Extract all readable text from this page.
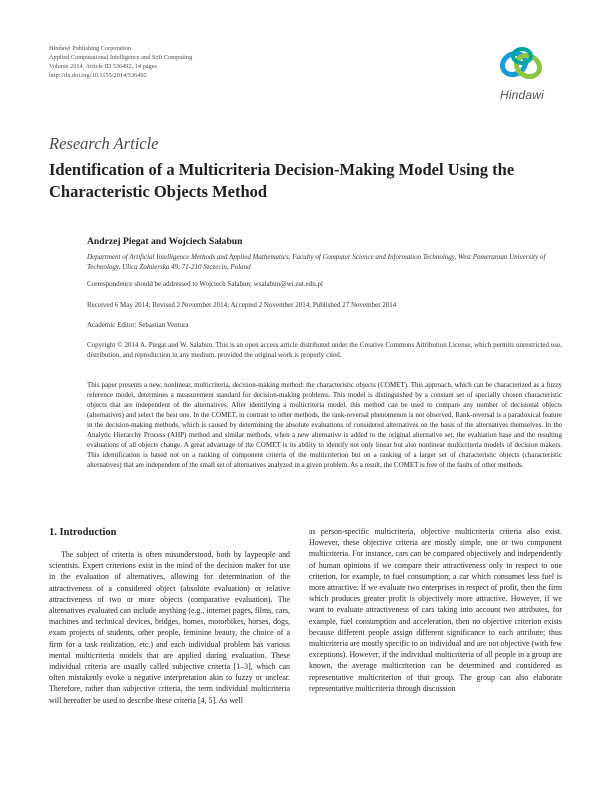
Hindawi Publishing Corporation
Applied Computational Intelligence and Soft Computing
Volume 2014, Article ID 536492, 14 pages
http://dx.doi.org/10.1155/2014/536492
Hindawi
Research Article
Identification of a Multicriteria Decision-Making Model Using the Characteristic Objects Method
Andrzej Piegat and Wojciech Sałabun
Department of Artificial Intelligence Methods and Applied Mathematics, Faculty of Computer Science and Information Technology, West Pomeranian University of Technology, Ulica Żołnierska 49, 71-210 Szczecin, Poland
Correspondence should be addressed to Wojciech Sałabun; wsalabun@wi.zut.edu.pl
Received 6 May 2014; Revised 2 November 2014; Accepted 2 November 2014; Published 27 November 2014
Academic Editor: Sebastian Ventura
Copyright © 2014 A. Piegat and W. Sałabun. This is an open access article distributed under the Creative Commons Attribution License, which permits unrestricted use, distribution, and reproduction in any medium, provided the original work is properly cited.
This paper presents a new, nonlinear, multicriteria, decision-making method: the characteristic objects (COMET). This approach, which can be characterized as a fuzzy reference model, determines a measurement standard for decision-making problems. This model is distinguished by a constant set of specially chosen characteristic objects that are independent of the alternatives. After identifying a multicriteria model, this method can be used to compare any number of decisional objects (alternatives) and select the best one. In the COMET, in contrast to other methods, the rank-reversal phenomenon is not observed. Rank-reversal is a paradoxical feature in the decision-making methods, which is caused by determining the absolute evaluations of considered alternatives on the basis of the alternatives themselves. In the Analytic Hierarchy Process (AHP) method and similar methods, when a new alternative is added to the original alternative set, the evaluation base and the resulting evaluations of all objects change. A great advantage of the COMET is its ability to identify not only linear but also nonlinear multicriteria models of decision makers. This identification is based not on a ranking of component criteria of the multicriterion but on a ranking of a larger set of characteristic objects (characteristic alternatives) that are independent of the small set of alternatives analyzed in a given problem. As a result, the COMET is free of the faults of other methods.
1. Introduction
The subject of criteria is often misunderstood, both by laypeople and scientists. Expert criterions exist in the mind of the decision maker for use in the evaluation of alternatives, allowing for determination of the attractiveness of a considered object (absolute evaluation) or relative attractiveness of two or more objects (comparative evaluation). The alternatives evaluated can include anything (e.g., internet pages, films, cars, machines and technical devices, bridges, homes, motorbikes, horses, dogs, exam projects of students, other people, feminine beauty, the choice of a firm for a task realization, etc.) and each individual problem has various mental multicriteria models that are applied during evaluation. These individual criteria are usually called subjective criteria [1–3], which can often mistakenly evoke a negative interpretation akin to fuzzy or unclear. Therefore, rather than subjective criteria, the term individual multicriteria will hereafter be used to describe these criteria [4, 5]. As well
as person-specific multicriteria, objective multicriteria criteria also exist. However, these objective criteria are mostly simple, one or two component multicriteria. For instance, cars can be compared objectively and independently of human opinions if we compare their attractiveness only in respect to one criterion, for example, to fuel consumption; a car which consumes less fuel is more attractive. If we evaluate two enterprises in respect of profit, then the firm which produces greater profit is objectively more attractive. However, if we want to evaluate attractiveness of cars taking into account two attributes, for example, fuel consumption and acceleration, then no objective criterion exists because different people assign different significance to each attribute; thus multicriteria are mostly specific to an individual and are not objective (with few exceptions). However, if the individual multicriteria of all people in a group are known, the average multicriterion can be determined and considered as representative multicriterion of that group. The group can also elaborate representative multicriteria through discussion
